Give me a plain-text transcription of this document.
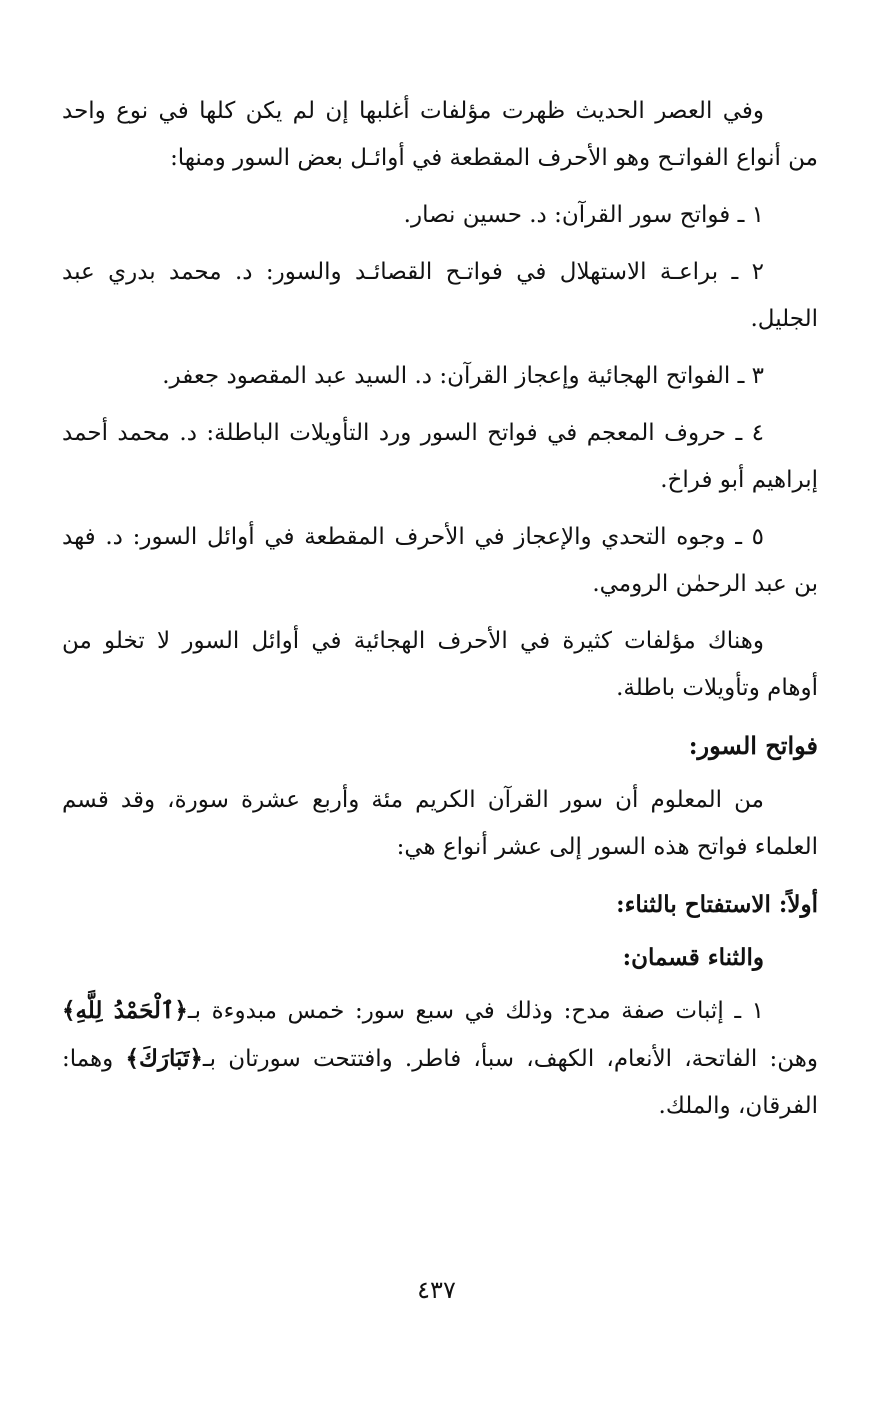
وفي العصر الحديث ظهرت مؤلفات أغلبها إن لم يكن كلها في نوع واحد من أنواع الفواتـح وهو الأحرف المقطعة في أوائـل بعض السور ومنها:

١ ـ فواتح سور القرآن: د. حسين نصار.

٢ ـ براعـة الاستهلال في فواتـح القصائـد والسور: د. محمد بدري عبد الجليل.

٣ ـ الفواتح الهجائية وإعجاز القرآن: د. السيد عبد المقصود جعفر.

٤ ـ حروف المعجم في فواتح السور ورد التأويلات الباطلة: د. محمد أحمد إبراهيم أبو فراخ.

٥ ـ وجوه التحدي والإعجاز في الأحرف المقطعة في أوائل السور: د. فهد بن عبد الرحمٰن الرومي.

وهناك مؤلفات كثيرة في الأحرف الهجائية في أوائل السور لا تخلو من أوهام وتأويلات باطلة.

فواتح السور:

من المعلوم أن سور القرآن الكريم مئة وأربع عشرة سورة، وقد قسم العلماء فواتح هذه السور إلى عشر أنواع هي:

أولاً: الاستفتاح بالثناء:
والثناء قسمان:

١ ـ إثبات صفة مدح: وذلك في سبع سور: خمس مبدوءة بـ﴿ٱلْحَمْدُ لِلَّهِ﴾ وهن: الفاتحة، الأنعام، الكهف، سبأ، فاطر. وافتتحت سورتان بـ﴿تَبَارَكَ﴾ وهما: الفرقان، والملك.

٤٣٧
